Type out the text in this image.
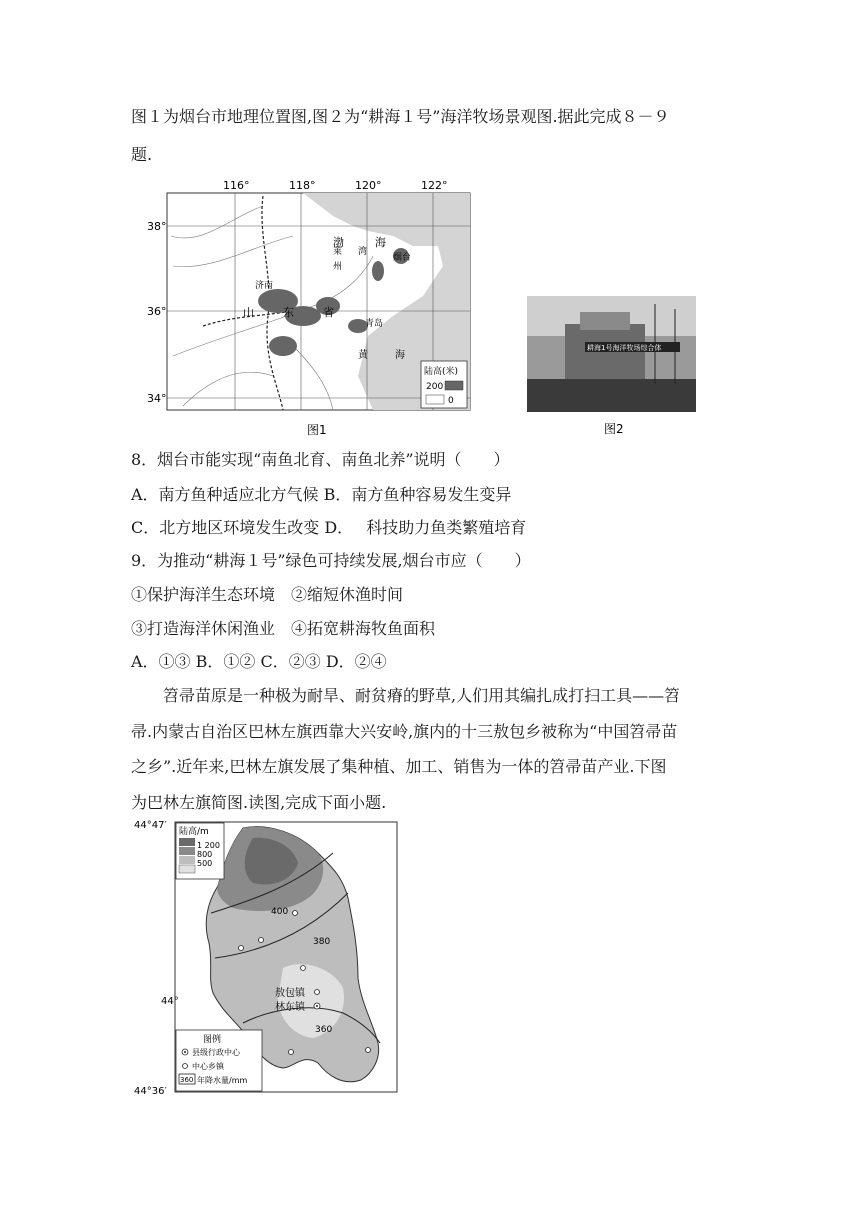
图１为烟台市地理位置图,图２为“耕海１号”海洋牧场景观图.据此完成８－９
题.
116°	118°	120°	122°
38°
36°
34°
渤	海
莱
州
湾
烟台
济南
山	东	省
青岛
黄	海
陆高(米)
200
0
图1
耕海1号海洋牧场综合体
图2
8．烟台市能实现“南鱼北育、南鱼北养”说明（　　）
A．南方鱼种适应北方气候 B．南方鱼种容易发生变异
C．北方地区环境发生改变 D．　 科技助力鱼类繁殖培育
9．为推动“耕海１号”绿色可持续发展,烟台市应（　　）
①保护海洋生态环境　②缩短休渔时间
③打造海洋休闲渔业　④拓宽耕海牧鱼面积
A．①③ B．①② C．②③ D．②④
　　笤帚苗原是一种极为耐旱、耐贫瘠的野草,人们用其编扎成打扫工具——笤
帚.内蒙古自治区巴林左旗西靠大兴安岭,旗内的十三敖包乡被称为“中国笤帚苗
之乡”.近年来,巴林左旗发展了集种植、加工、销售为一体的笤帚苗产业.下图
为巴林左旗简图.读图,完成下面小题.
400
380
360
敖包镇
林东镇
44°47′
44°
44°36′
陆高/m
1 200
800
500
图例
县级行政中心
中心乡镇
360 年降水量/mm
